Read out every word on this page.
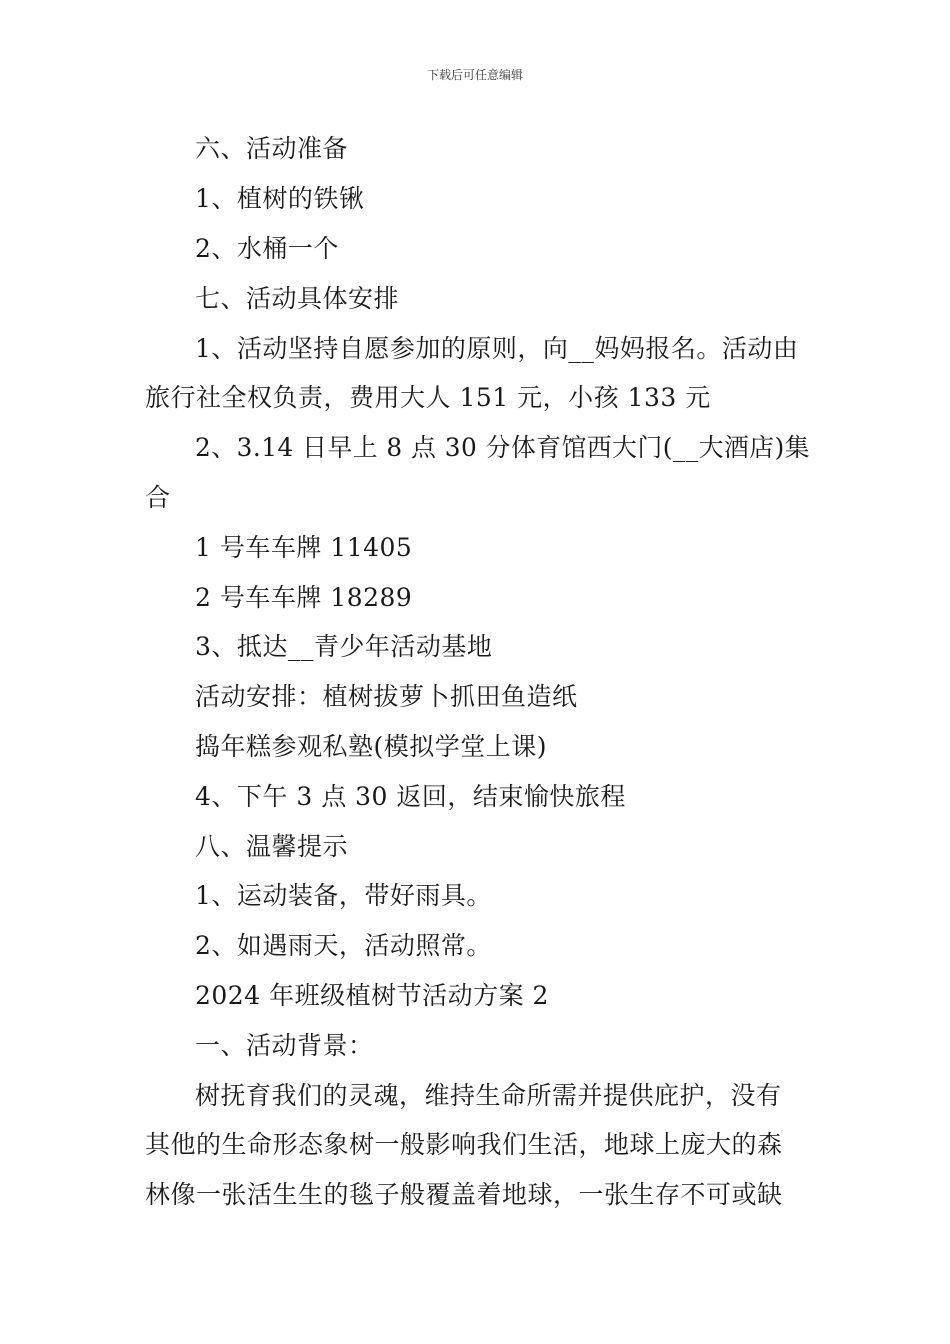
下载后可任意编辑
六、活动准备
1、植树的铁锹
2、水桶一个
七、活动具体安排
1、活动坚持自愿参加的原则，向__妈妈报名。活动由
旅行社全权负责，费用大人 151 元，小孩 133 元
2、3.14 日早上 8 点 30 分体育馆西大门(__大酒店)集
合
1 号车车牌 11405
2 号车车牌 18289
3、抵达__青少年活动基地
活动安排：植树拔萝卜抓田鱼造纸
捣年糕参观私塾(模拟学堂上课)
4、下午 3 点 30 返回，结束愉快旅程
八、温馨提示
1、运动装备，带好雨具。
2、如遇雨天，活动照常。
2024 年班级植树节活动方案 2
一、活动背景：
树抚育我们的灵魂，维持生命所需并提供庇护，没有
其他的生命形态象树一般影响我们生活，地球上庞大的森
林像一张活生生的毯子般覆盖着地球，一张生存不可或缺
